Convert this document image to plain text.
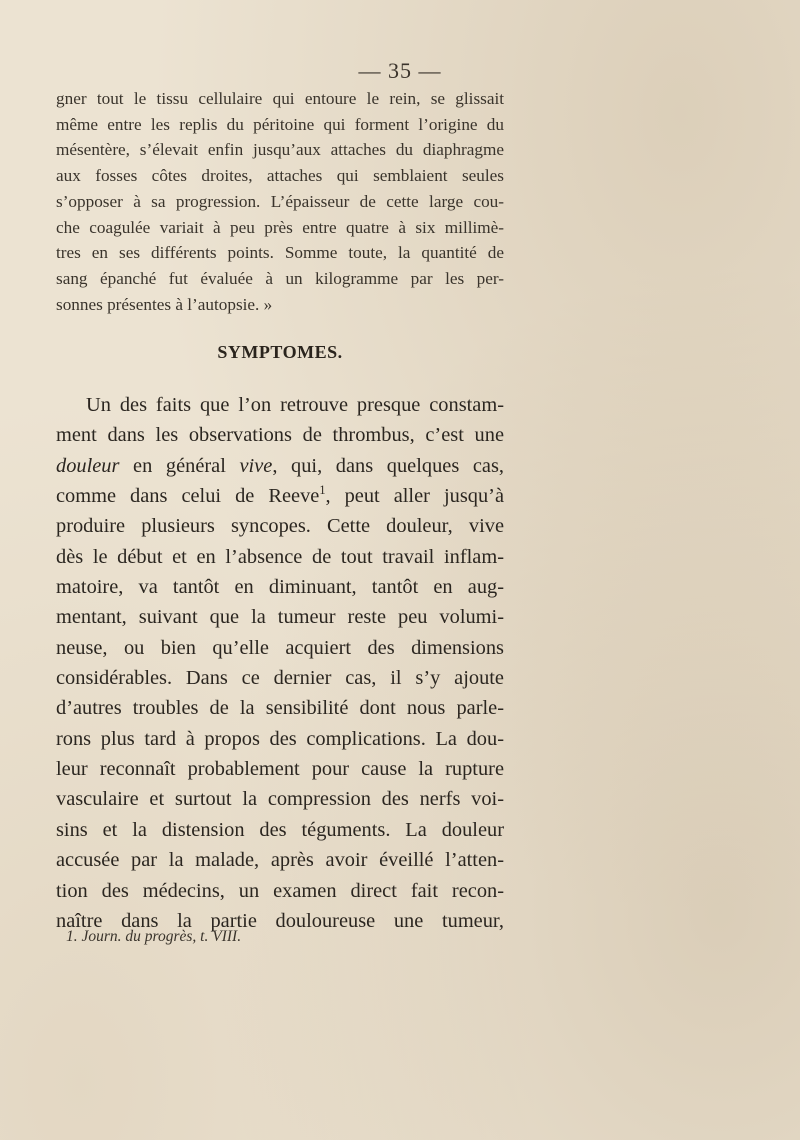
— 35 —
gner tout le tissu cellulaire qui entoure le rein, se glissait
même entre les replis du péritoine qui forment l’origine du
mésentère, s’élevait enfin jusqu’aux attaches du diaphragme
aux fosses côtes droites, attaches qui semblaient seules
s’opposer à sa progression. L’épaisseur de cette large cou-
che coagulée variait à peu près entre quatre à six millimè-
tres en ses différents points. Somme toute, la quantité de
sang épanché fut évaluée à un kilogramme par les per-
sonnes présentes à l’autopsie. »
SYMPTOMES.
Un des faits que l’on retrouve presque constam-
ment dans les observations de thrombus, c’est une
douleur en général vive, qui, dans quelques cas,
comme dans celui de Reeve$^1$, peut aller jusqu’à
produire plusieurs syncopes. Cette douleur, vive
dès le début et en l’absence de tout travail inflam-
matoire, va tantôt en diminuant, tantôt en aug-
mentant, suivant que la tumeur reste peu volumi-
neuse, ou bien qu’elle acquiert des dimensions
considérables. Dans ce dernier cas, il s’y ajoute
d’autres troubles de la sensibilité dont nous parle-
rons plus tard à propos des complications. La dou-
leur reconnaît probablement pour cause la rupture
vasculaire et surtout la compression des nerfs voi-
sins et la distension des téguments. La douleur
accusée par la malade, après avoir éveillé l’atten-
tion des médecins, un examen direct fait recon-
naître dans la partie douloureuse une tumeur,
1. Journ. du progrès, t. VIII.
